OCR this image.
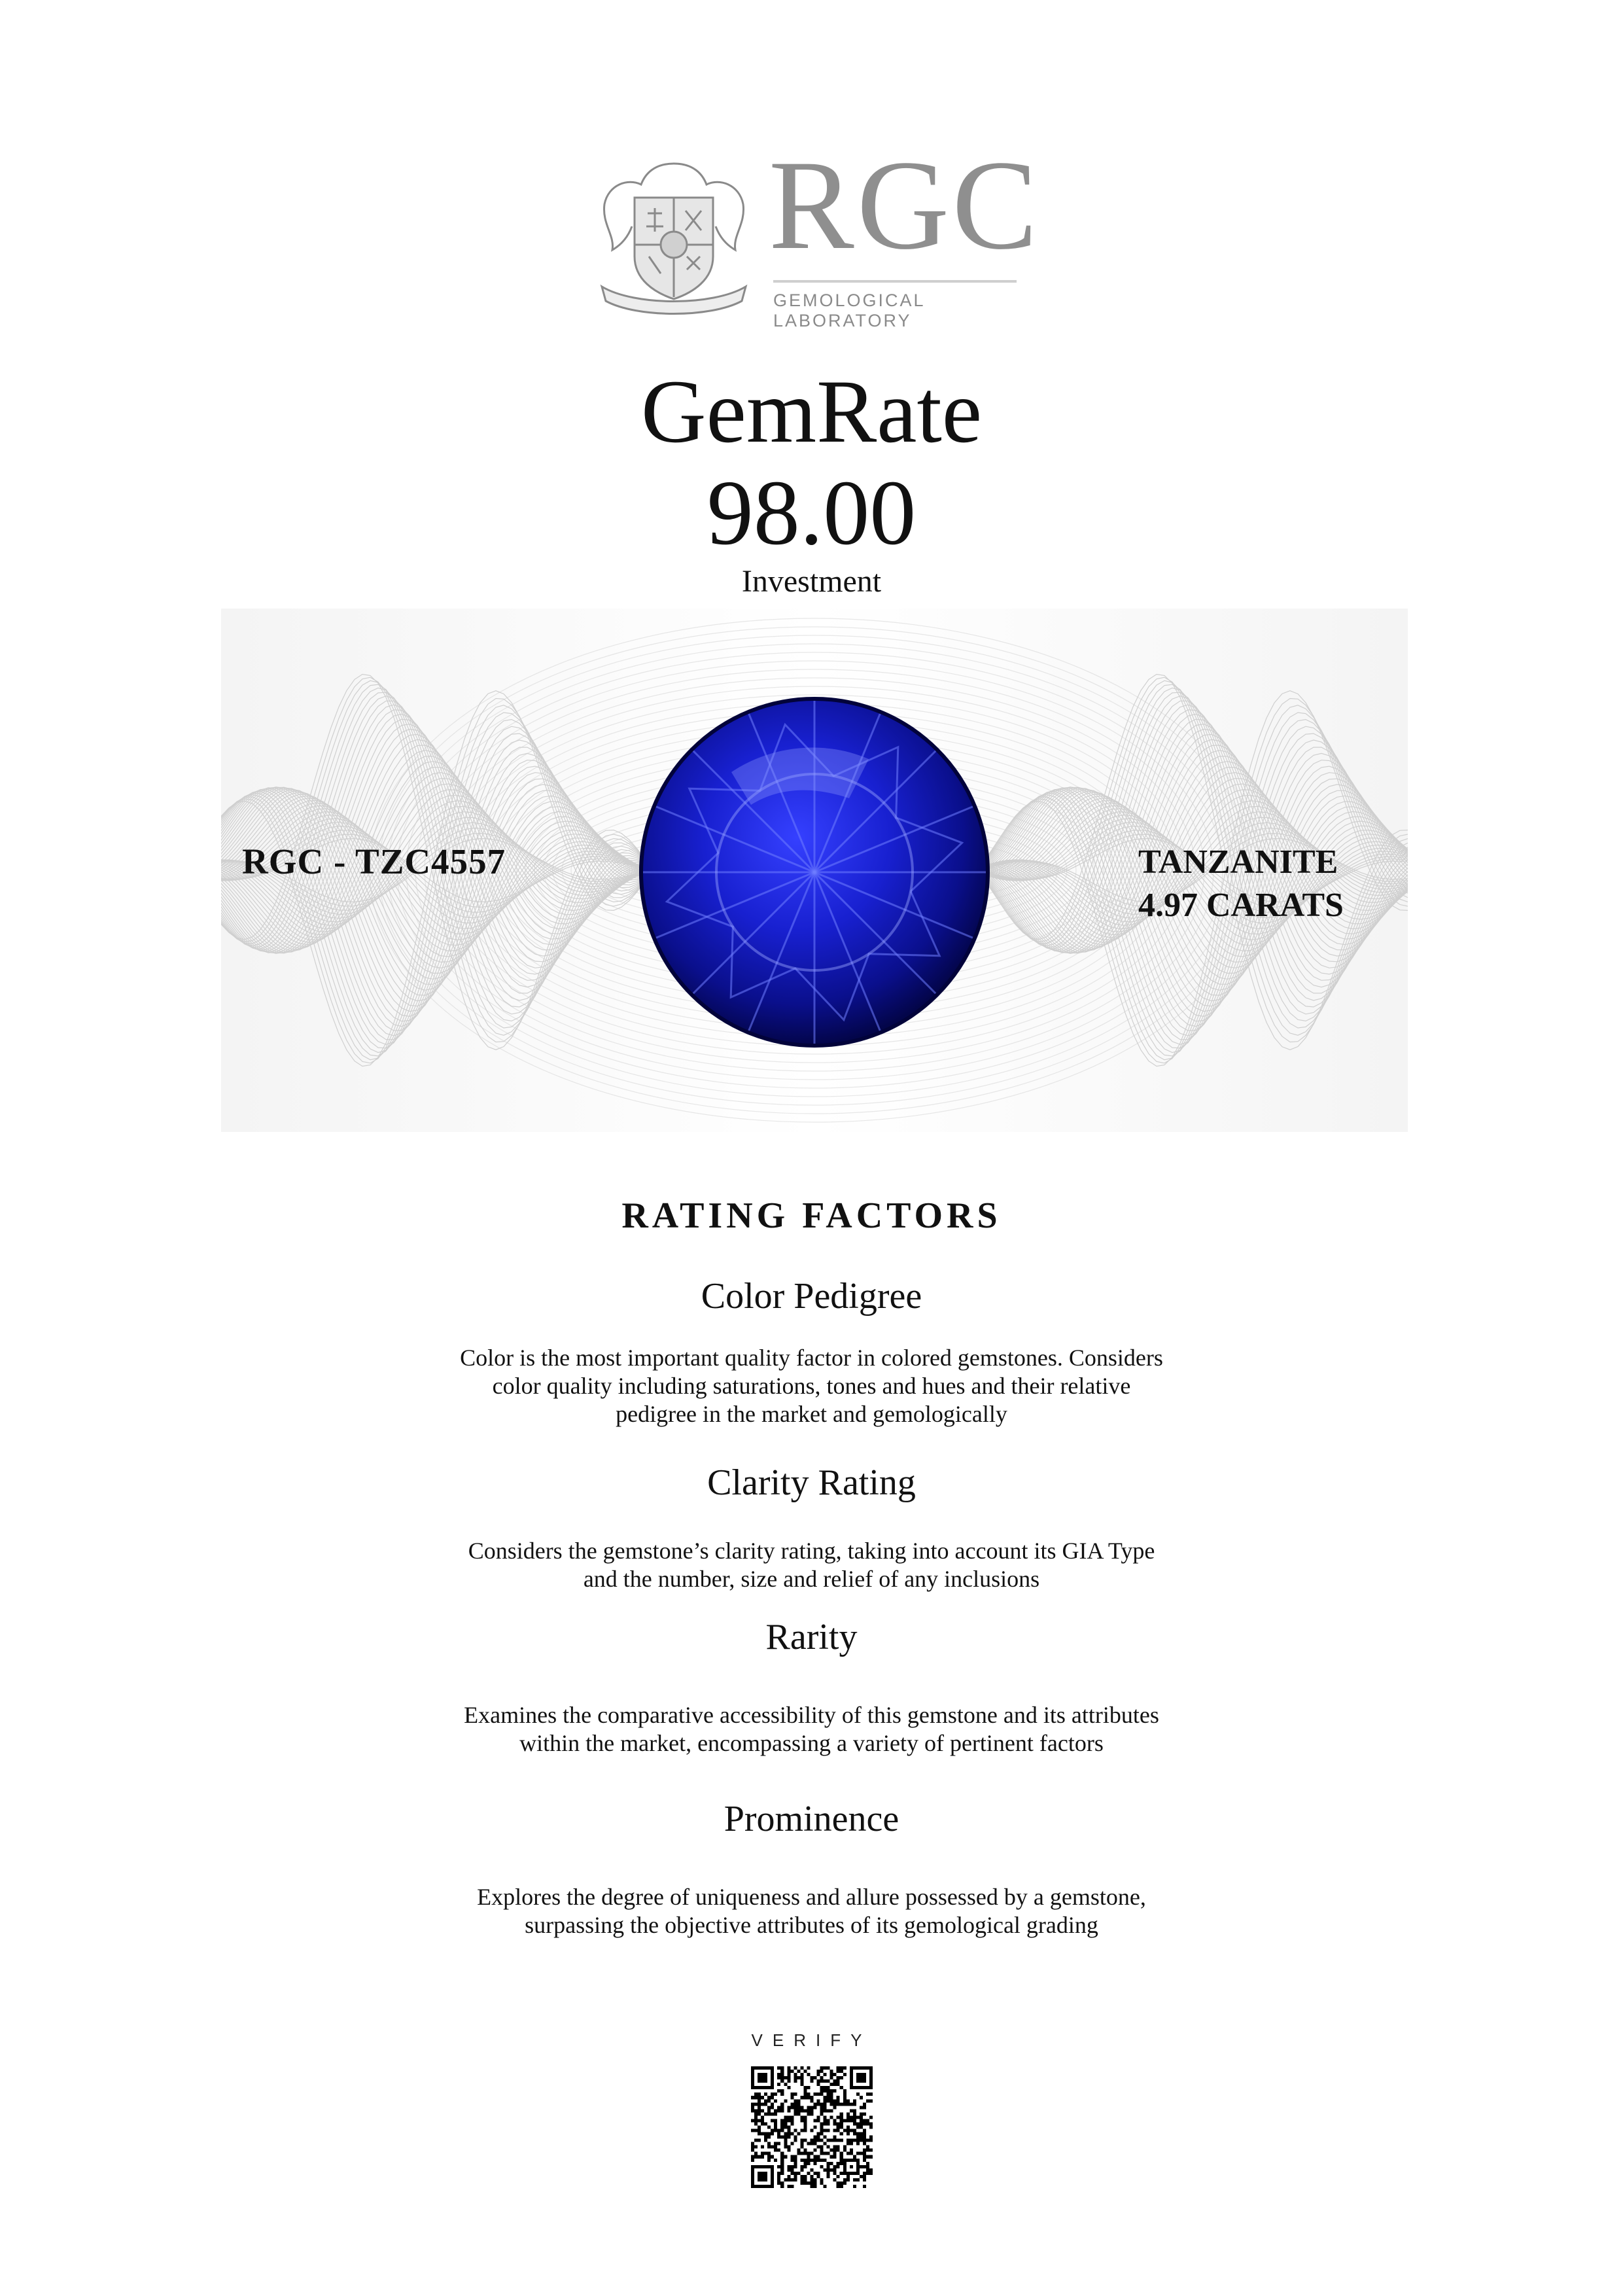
RGC
GEMOLOGICAL LABORATORY
GemRate
98.00
Investment
RGC - TZC4557	TANZANITE
4.97 CARATS
RATING FACTORS
Color Pedigree
Color is the most important quality factor in colored gemstones. Considers
color quality including saturations, tones and hues and their relative
pedigree in the market and gemologically
Clarity Rating
Considers the gemstone’s clarity rating, taking into account its GIA Type
and the number, size and relief of any inclusions
Rarity
Examines the comparative accessibility of this gemstone and its attributes
within the market, encompassing a variety of pertinent factors
Prominence
Explores the degree of uniqueness and allure possessed by a gemstone,
surpassing the objective attributes of its gemological grading
VERIFY
